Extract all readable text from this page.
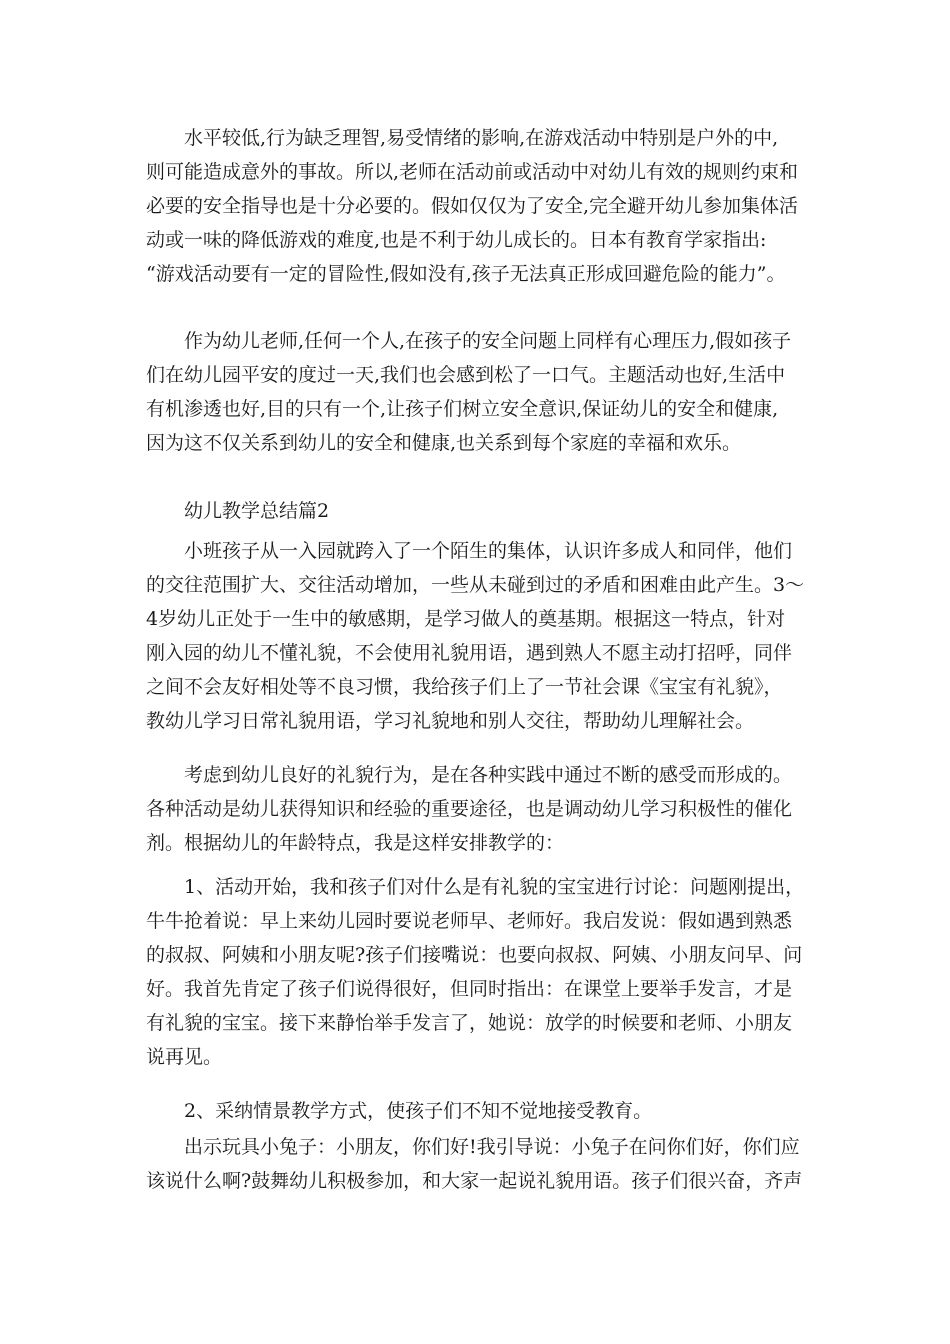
水平较低,行为缺乏理智,易受情绪的影响,在游戏活动中特别是户外的中,
则可能造成意外的事故。所以,老师在活动前或活动中对幼儿有效的规则约束和
必要的安全指导也是十分必要的。假如仅仅为了安全,完全避开幼儿参加集体活
动或一味的降低游戏的难度,也是不利于幼儿成长的。日本有教育学家指出:
“游戏活动要有一定的冒险性,假如没有,孩子无法真正形成回避危险的能力”。
作为幼儿老师,任何一个人,在孩子的安全问题上同样有心理压力,假如孩子
们在幼儿园平安的度过一天,我们也会感到松了一口气。主题活动也好,生活中
有机渗透也好,目的只有一个,让孩子们树立安全意识,保证幼儿的安全和健康,
因为这不仅关系到幼儿的安全和健康,也关系到每个家庭的幸福和欢乐。
幼儿教学总结篇2
小班孩子从一入园就跨入了一个陌生的集体，认识许多成人和同伴，他们
的交往范围扩大、交往活动增加，一些从未碰到过的矛盾和困难由此产生。3～
4岁幼儿正处于一生中的敏感期，是学习做人的奠基期。根据这一特点，针对
刚入园的幼儿不懂礼貌，不会使用礼貌用语，遇到熟人不愿主动打招呼，同伴
之间不会友好相处等不良习惯，我给孩子们上了一节社会课《宝宝有礼貌》，
教幼儿学习日常礼貌用语，学习礼貌地和别人交往，帮助幼儿理解社会。
考虑到幼儿良好的礼貌行为，是在各种实践中通过不断的感受而形成的。
各种活动是幼儿获得知识和经验的重要途径，也是调动幼儿学习积极性的催化
剂。根据幼儿的年龄特点，我是这样安排教学的：
1、活动开始，我和孩子们对什么是有礼貌的宝宝进行讨论：问题刚提出，
牛牛抢着说：早上来幼儿园时要说老师早、老师好。我启发说：假如遇到熟悉
的叔叔、阿姨和小朋友呢?孩子们接嘴说：也要向叔叔、阿姨、小朋友问早、问
好。我首先肯定了孩子们说得很好，但同时指出：在课堂上要举手发言，才是
有礼貌的宝宝。接下来静怡举手发言了，她说：放学的时候要和老师、小朋友
说再见。
2、采纳情景教学方式，使孩子们不知不觉地接受教育。
出示玩具小兔子：小朋友，你们好!我引导说：小兔子在问你们好，你们应
该说什么啊?鼓舞幼儿积极参加，和大家一起说礼貌用语。孩子们很兴奋，齐声
